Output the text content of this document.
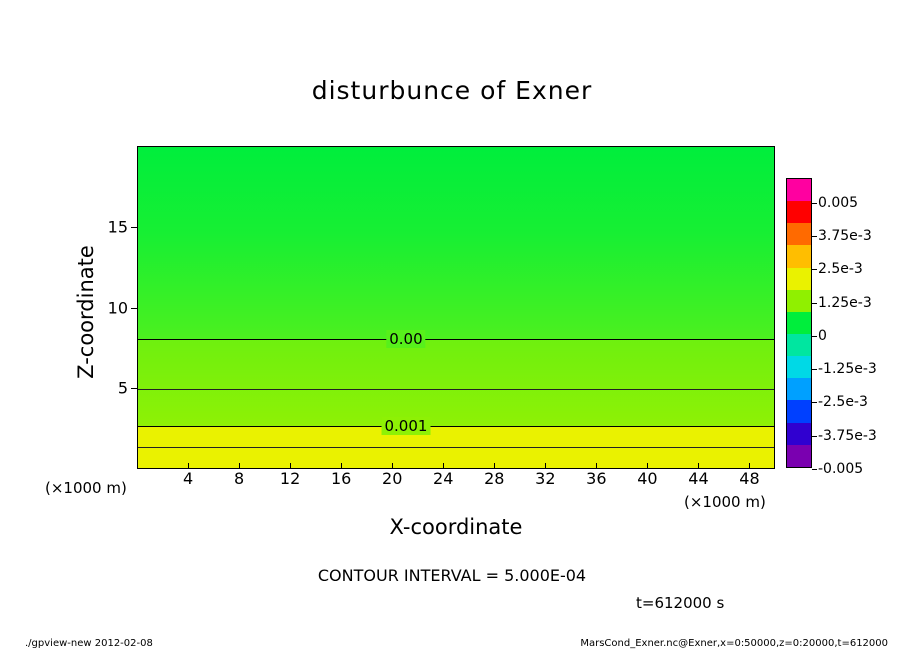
disturbunce of Exner
0.00
0.001
4	8 12 16 20 24 28 32 36 40 44 48
5
10
15
Z-coordinate
X-coordinate
(×1000 m)
(×1000 m)
CONTOUR INTERVAL = 5.000E-04
t=612000 s
./gpview-new 2012-02-08	MarsCond_Exner.nc@Exner,x=0:50000,z=0:20000,t=612000
0.005
3.75e-3
2.5e-3
1.25e-3
0
-1.25e-3
-2.5e-3
-3.75e-3
-0.005
